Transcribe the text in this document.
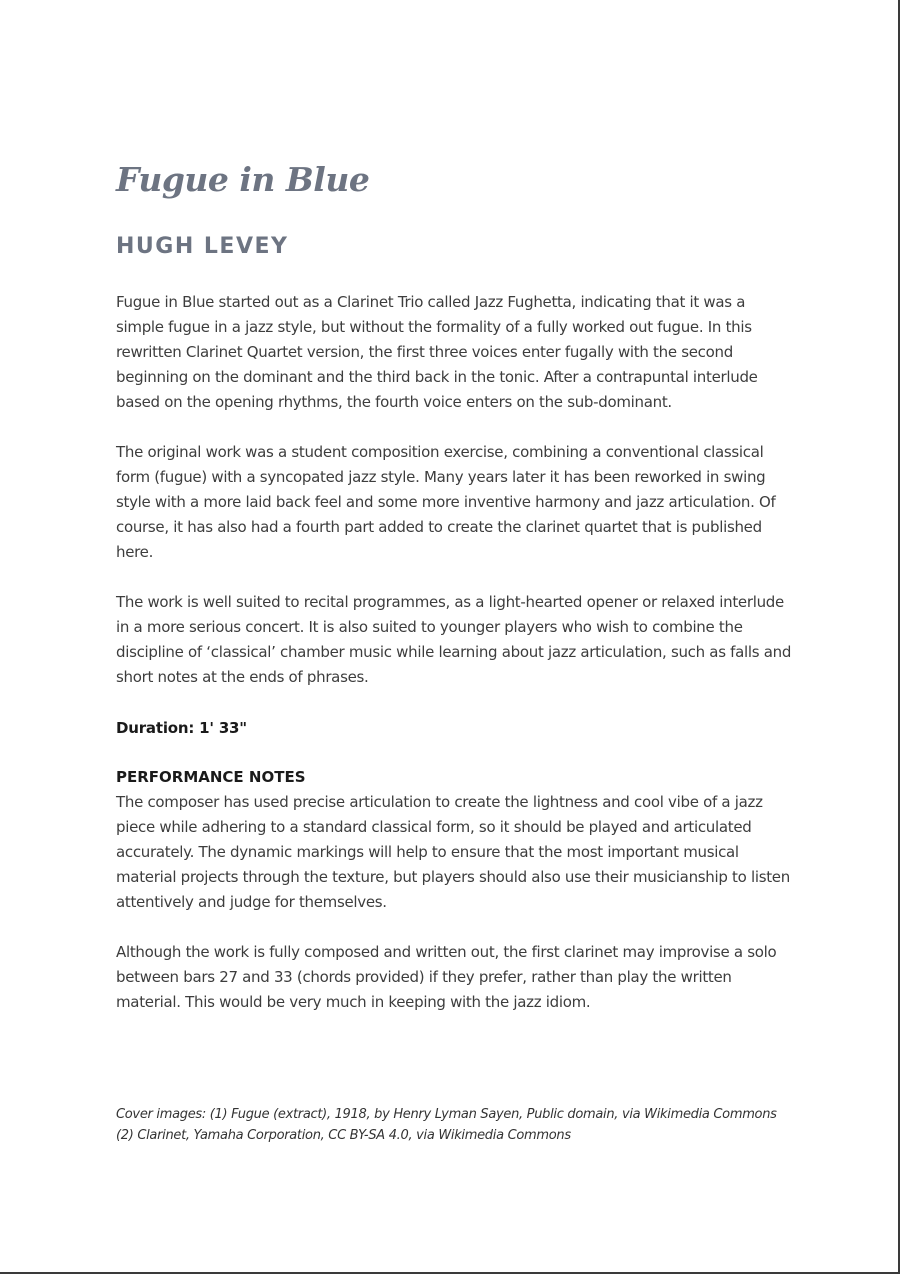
Fugue in Blue
HUGH LEVEY

Fugue in Blue started out as a Clarinet Trio called Jazz Fughetta, indicating that it was a simple fugue in a jazz style, but without the formality of a fully worked out fugue. In this rewritten Clarinet Quartet version, the first three voices enter fugally with the second beginning on the dominant and the third back in the tonic. After a contrapuntal interlude based on the opening rhythms, the fourth voice enters on the sub-dominant.

The original work was a student composition exercise, combining a conventional classical form (fugue) with a syncopated jazz style. Many years later it has been reworked in swing style with a more laid back feel and some more inventive harmony and jazz articulation. Of course, it has also had a fourth part added to create the clarinet quartet that is published here.

The work is well suited to recital programmes, as a light-hearted opener or relaxed interlude in a more serious concert. It is also suited to younger players who wish to combine the discipline of ‘classical’ chamber music while learning about jazz articulation, such as falls and short notes at the ends of phrases.

Duration: 1' 33"
PERFORMANCE NOTES

The composer has used precise articulation to create the lightness and cool vibe of a jazz piece while adhering to a standard classical form, so it should be played and articulated accurately. The dynamic markings will help to ensure that the most important musical material projects through the texture, but players should also use their musicianship to listen attentively and judge for themselves.

Although the work is fully composed and written out, the first clarinet may improvise a solo between bars 27 and 33 (chords provided) if they prefer, rather than play the written material. This would be very much in keeping with the jazz idiom.

Cover images: (1) Fugue (extract), 1918, by Henry Lyman Sayen, Public domain, via Wikimedia Commons (2) Clarinet, Yamaha Corporation, CC BY-SA 4.0, via Wikimedia Commons
